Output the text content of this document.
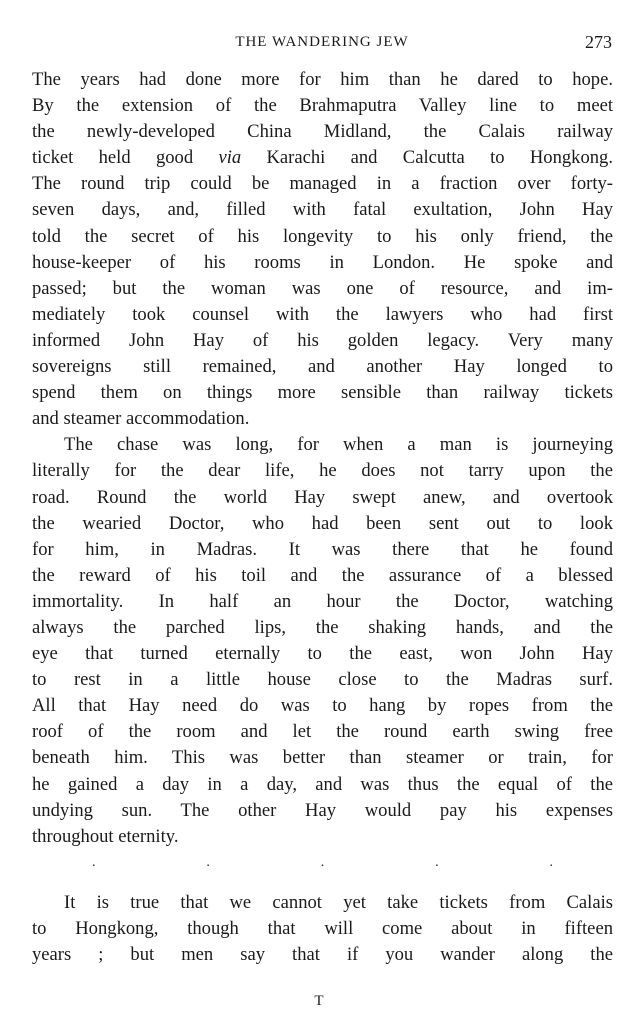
THE WANDERING JEW	273

The years had done more for him than he dared to hope.
By the extension of the Brahmaputra Valley line to meet
the newly-developed China Midland, the Calais railway
ticket held good via Karachi and Calcutta to Hongkong.
The round trip could be managed in a fraction over forty-
seven days, and, filled with fatal exultation, John Hay
told the secret of his longevity to his only friend, the
house-keeper of his rooms in London. He spoke and
passed; but the woman was one of resource, and im-
mediately took counsel with the lawyers who had first
informed John Hay of his golden legacy. Very many
sovereigns still remained, and another Hay longed to
spend them on things more sensible than railway tickets
and steamer accommodation.

The chase was long, for when a man is journeying
literally for the dear life, he does not tarry upon the
road. Round the world Hay swept anew, and overtook
the wearied Doctor, who had been sent out to look
for him, in Madras. It was there that he found
the reward of his toil and the assurance of a blessed
immortality. In half an hour the Doctor, watching
always the parched lips, the shaking hands, and the
eye that turned eternally to the east, won John Hay
to rest in a little house close to the Madras surf.
All that Hay need do was to hang by ropes from the
roof of the room and let the round earth swing free
beneath him. This was better than steamer or train, for
he gained a day in a day, and was thus the equal of the
undying sun. The other Hay would pay his expenses
throughout eternity.

.	.	.	.	.

It is true that we cannot yet take tickets from Calais
to Hongkong, though that will come about in fifteen
years ; but men say that if you wander along the

T
